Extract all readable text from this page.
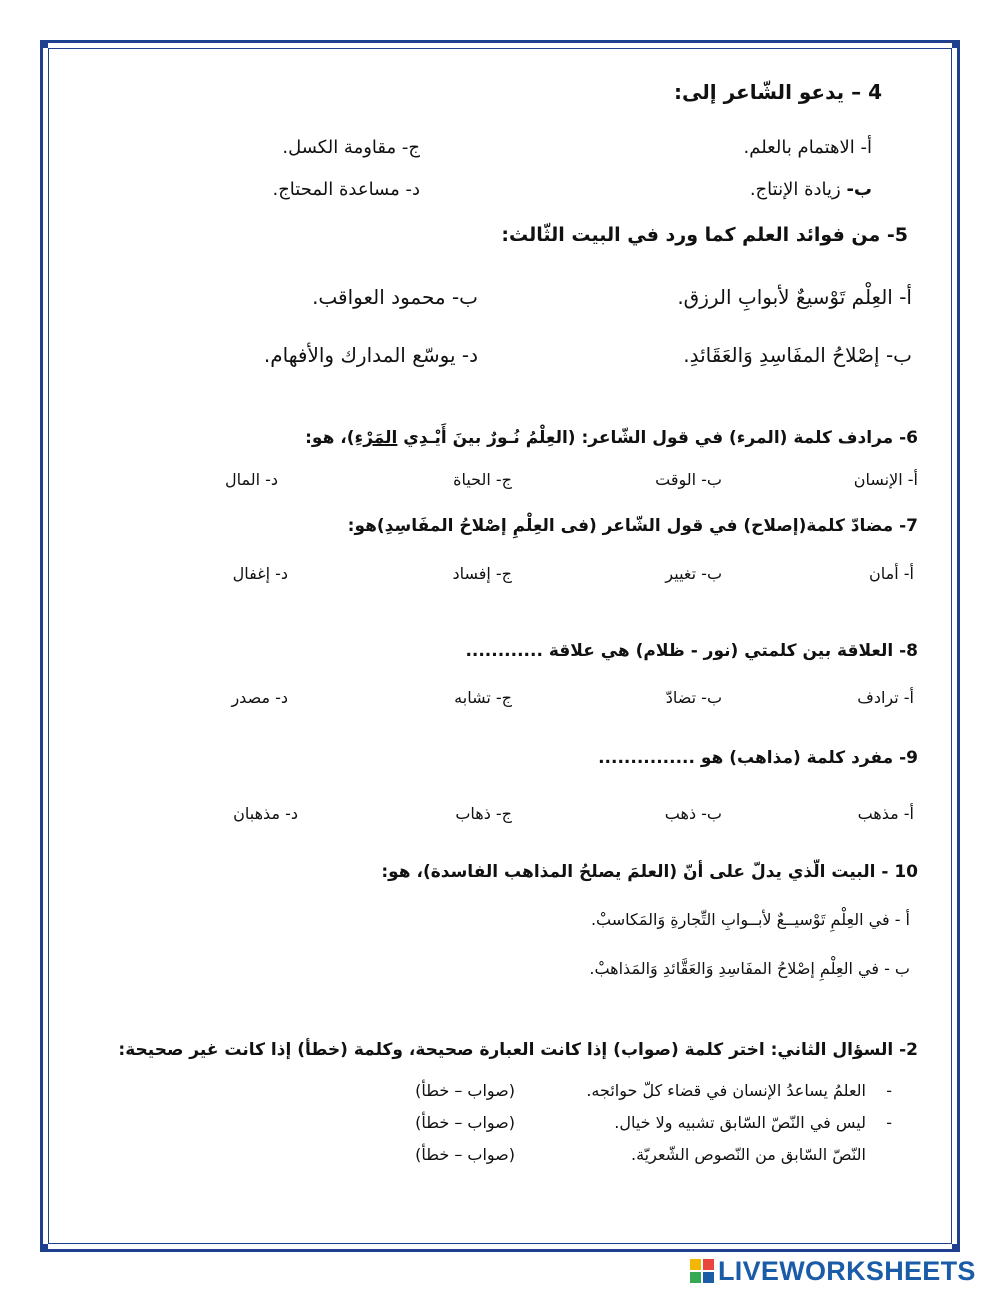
4 – يدعو الشّاعر إلى:
أ- الاهتمام بالعلم.
ج- مقاومة الكسل.
ب- زيادة الإنتاج.
د- مساعدة المحتاج.
5- من فوائد العلم كما ورد في البيت الثّالث:
أ- العِلْم تَوْسيعٌ لأبوابِ الرزق.
ب- محمود العواقب.
ب- إصْلاحُ المفَاسِدِ وَالعَقَائدِ.
د- يوسّع المدارك والأفهام.
6- مرادف كلمة (المرء) في قول الشّاعر: (العِلْمُ نُـورٌ بينَ أَيْـدِي المَرْءِ)، هو:
أ- الإنسان
ب- الوقت
ج- الحياة
د- المال
7- مضادّ كلمة(إصلاح) في قول الشّاعر (فى العِلْمِ إصْلاحُ المفَاسِدِ)هو:
أ- أمان
ب- تغيير
ج- إفساد
د- إغفال
8- العلاقة بين كلمتي (نور - ظلام) هي علاقة ............
أ- ترادف
ب- تضادّ
ج- تشابه
د- مصدر
9- مفرد كلمة (مذاهب) هو ...............
أ- مذهب
ب- ذهب
ج- ذهاب
د- مذهبان
10 - البيت الّذي يدلّ على أنّ (العلمَ يصلحُ المذاهب الفاسدة)، هو:
أ - في العِلْمِ تَوْسيــعٌ لأبــوابِ التِّجارةِ وَالمَكاسبْ.
ب - في العِلْمِ إصْلاحُ المفَاسِدِ وَالعَقَّائدِ وَالمَذاهبْ.
2- السؤال الثاني: اختر كلمة (صواب) إذا كانت العبارة صحيحة، وكلمة (خطأ) إذا كانت غير صحيحة:
-
العلمُ يساعدُ الإنسان في قضاء كلّ حوائجه.
(صواب – خطأ)
-
ليس في النّصّ السّابق تشبيه ولا خيال.
(صواب – خطأ)
النّصّ السّابق من النّصوص الشّعريّة.
(صواب – خطأ)
LIVEWORKSHEETS
